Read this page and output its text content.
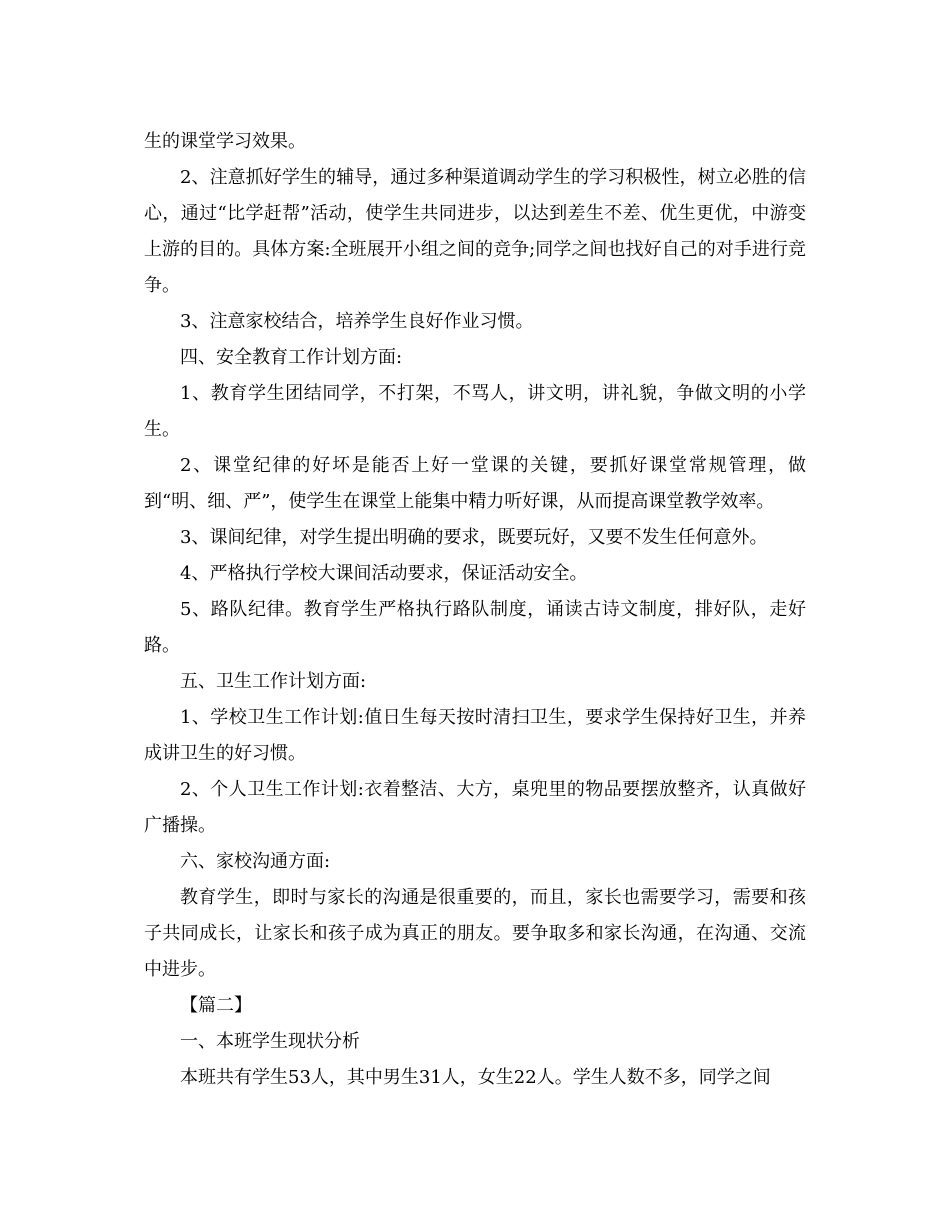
生的课堂学习效果。

2、注意抓好学生的辅导，通过多种渠道调动学生的学习积极性，树立必胜的信心，通过“比学赶帮”活动，使学生共同进步，以达到差生不差、优生更优，中游变上游的目的。具体方案:全班展开小组之间的竞争;同学之间也找好自己的对手进行竞争。

3、注意家校结合，培养学生良好作业习惯。

四、安全教育工作计划方面:

1、教育学生团结同学，不打架，不骂人，讲文明，讲礼貌，争做文明的小学生。

2、课堂纪律的好坏是能否上好一堂课的关键，要抓好课堂常规管理，做到“明、细、严”，使学生在课堂上能集中精力听好课，从而提高课堂教学效率。

3、课间纪律，对学生提出明确的要求，既要玩好，又要不发生任何意外。

4、严格执行学校大课间活动要求，保证活动安全。

5、路队纪律。教育学生严格执行路队制度，诵读古诗文制度，排好队，走好路。

五、卫生工作计划方面:

1、学校卫生工作计划:值日生每天按时清扫卫生，要求学生保持好卫生，并养成讲卫生的好习惯。

2、个人卫生工作计划:衣着整洁、大方，桌兜里的物品要摆放整齐，认真做好广播操。

六、家校沟通方面:

教育学生，即时与家长的沟通是很重要的，而且，家长也需要学习，需要和孩子共同成长，让家长和孩子成为真正的朋友。要争取多和家长沟通，在沟通、交流中进步。

【篇二】

一、本班学生现状分析

本班共有学生53人，其中男生31人，女生22人。学生人数不多，同学之间
